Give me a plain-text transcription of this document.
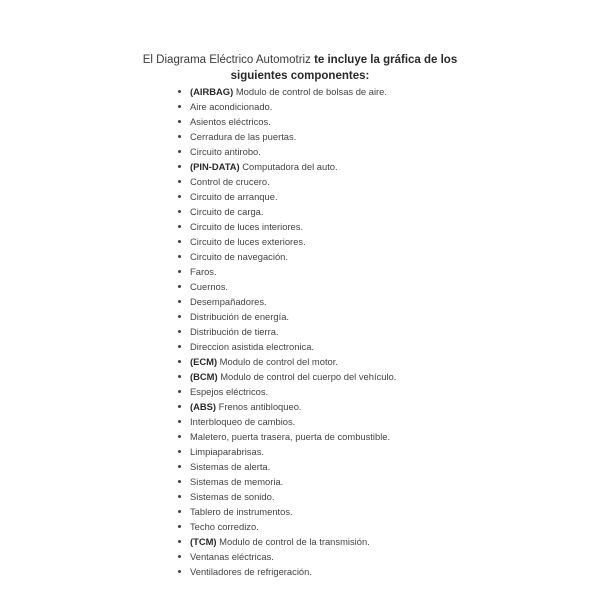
El Diagrama Eléctrico Automotriz te incluye la gráfica de los siguientes componentes:

(AIRBAG) Modulo de control de bolsas de aire.
Aire acondicionado.
Asientos eléctricos.
Cerradura de las puertas.
Circuito antirobo.
(PIN-DATA) Computadora del auto.
Control de crucero.
Circuito de arranque.
Circuito de carga.
Circuito de luces interiores.
Circuito de luces exteriores.
Circuito de navegación.
Faros.
Cuernos.
Desempañadores.
Distribución de energía.
Distribución de tierra.
Direccion asistida electronica.
(ECM) Modulo de control del motor.
(BCM) Modulo de control del cuerpo del vehículo.
Espejos eléctricos.
(ABS) Frenos antibloqueo.
Interbloqueo de cambios.
Maletero, puerta trasera, puerta de combustible.
Limpiaparabrisas.
Sistemas de alerta.
Sistemas de memoria.
Sistemas de sonido.
Tablero de instrumentos.
Techo corredizo.
(TCM) Modulo de control de la transmisión.
Ventanas eléctricas.
Ventiladores de refrigeración.
